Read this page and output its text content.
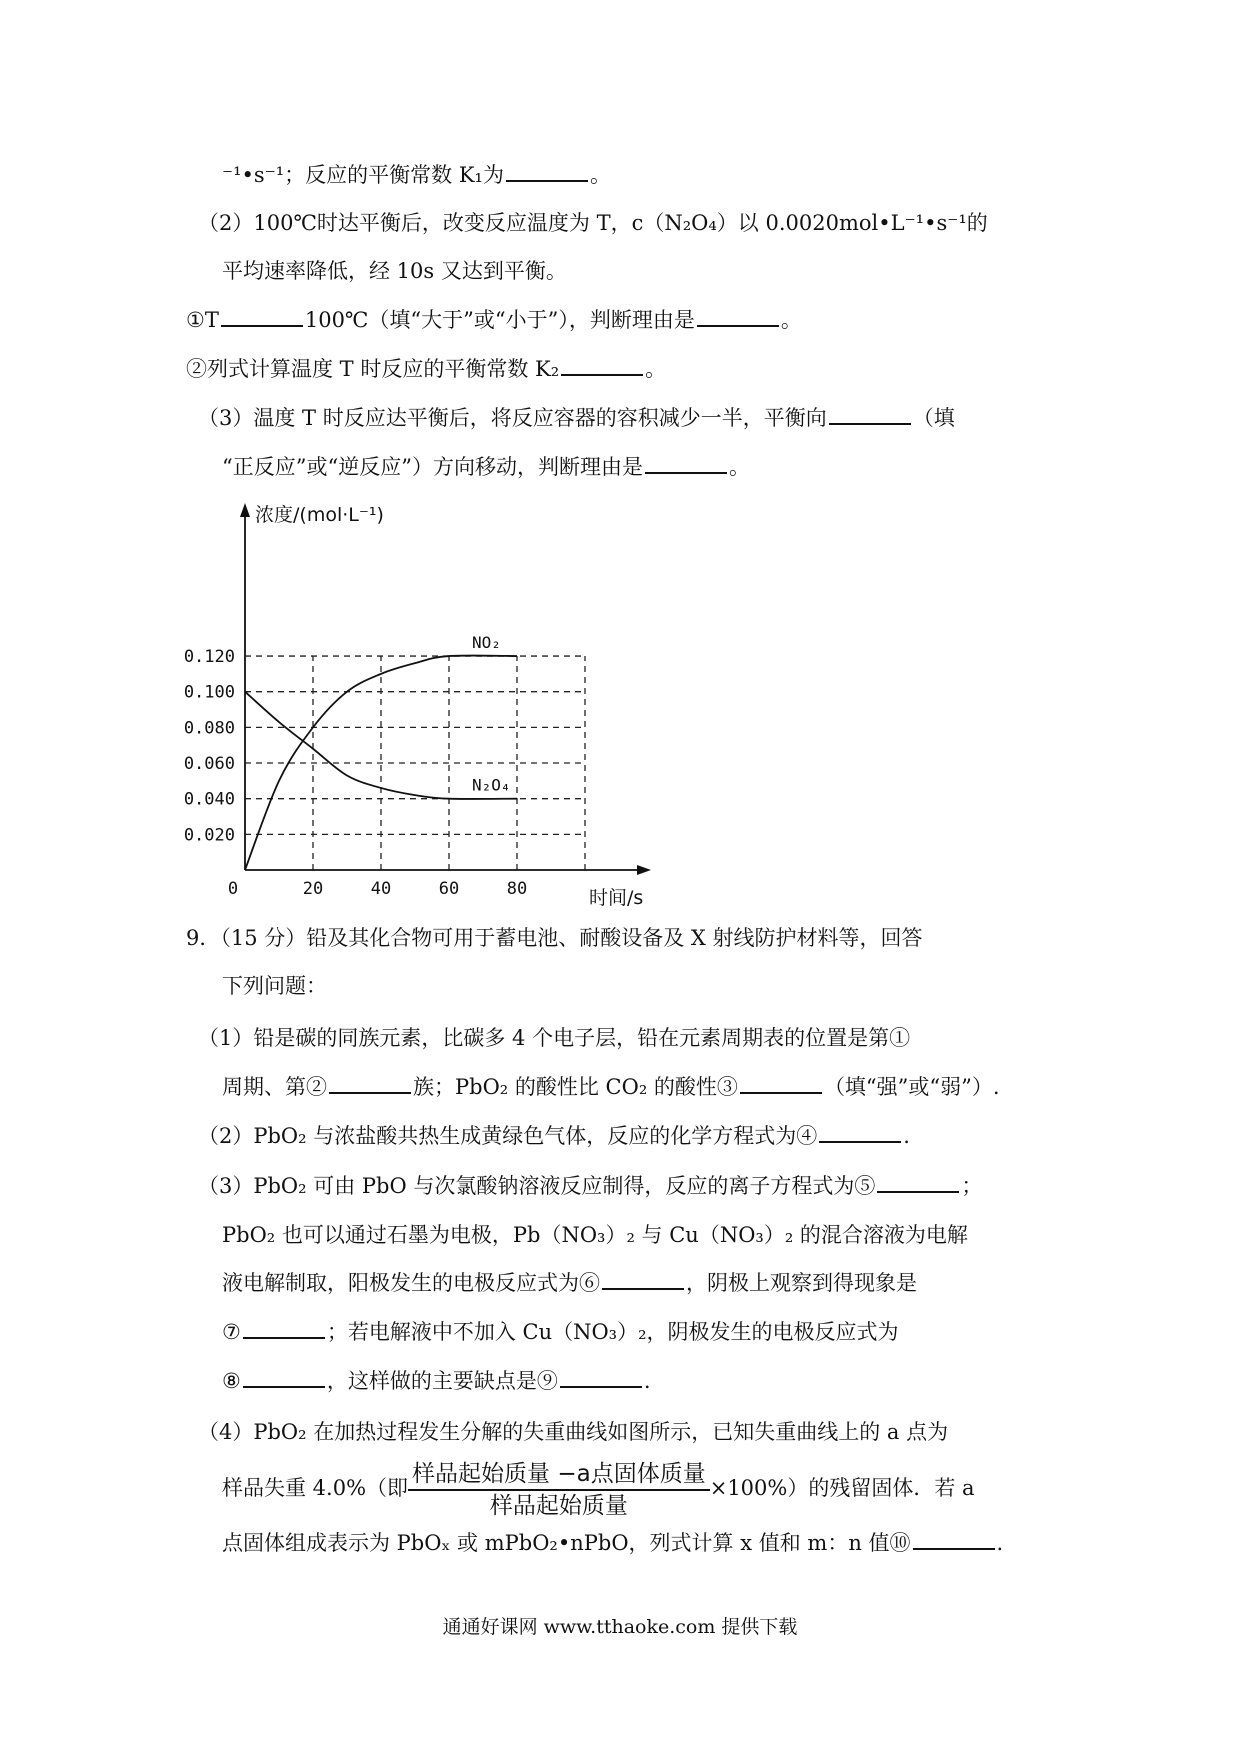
⁻¹•s⁻¹；反应的平衡常数 K₁为	。
（2）100℃时达平衡后，改变反应温度为 T，c（N₂O₄）以 0.0020mol•L⁻¹•s⁻¹的
平均速率降低，经 10s 又达到平衡。
①T	100℃（填“大于”或“小于”），判断理由是	。
②列式计算温度 T 时反应的平衡常数 K₂	。
（3）温度 T 时反应达平衡后，将反应容器的容积减少一半，平衡向	（填
“正反应”或“逆反应”）方向移动，判断理由是	。
0.020
0.040
0.060
0.080
0.100
0.120
0	20	40	60	80
浓度/(mol·L⁻¹)
时间/s
NO₂
N₂O₄
9．（15 分）铅及其化合物可用于蓄电池、耐酸设备及 X 射线防护材料等，回答
下列问题：
（1）铅是碳的同族元素，比碳多 4 个电子层，铅在元素周期表的位置是第①
周期、第②	族；PbO₂ 的酸性比 CO₂ 的酸性③	（填“强”或“弱”）.
（2）PbO₂ 与浓盐酸共热生成黄绿色气体，反应的化学方程式为④	.
（3）PbO₂ 可由 PbO 与次氯酸钠溶液反应制得，反应的离子方程式为⑤	；
PbO₂ 也可以通过石墨为电极，Pb（NO₃）₂ 与 Cu（NO₃）₂ 的混合溶液为电解
液电解制取，阳极发生的电极反应式为⑥	，阴极上观察到得现象是
⑦	；若电解液中不加入 Cu（NO₃）₂，阴极发生的电极反应式为
⑧	，这样做的主要缺点是⑨	.
（4）PbO₂ 在加热过程发生分解的失重曲线如图所示，已知失重曲线上的 a 点为
样品失重 4.0%（即 $\frac{\text{样品起始质量 −a点固体质量}}{\text{样品起始质量}} \times 100\%$）的残留固体．若 a
点固体组成表示为 PbOₓ 或 mPbO₂•nPbO，列式计算 x 值和 m：n 值⑩	.
通通好课网 www.tthaoke.com 提供下载
